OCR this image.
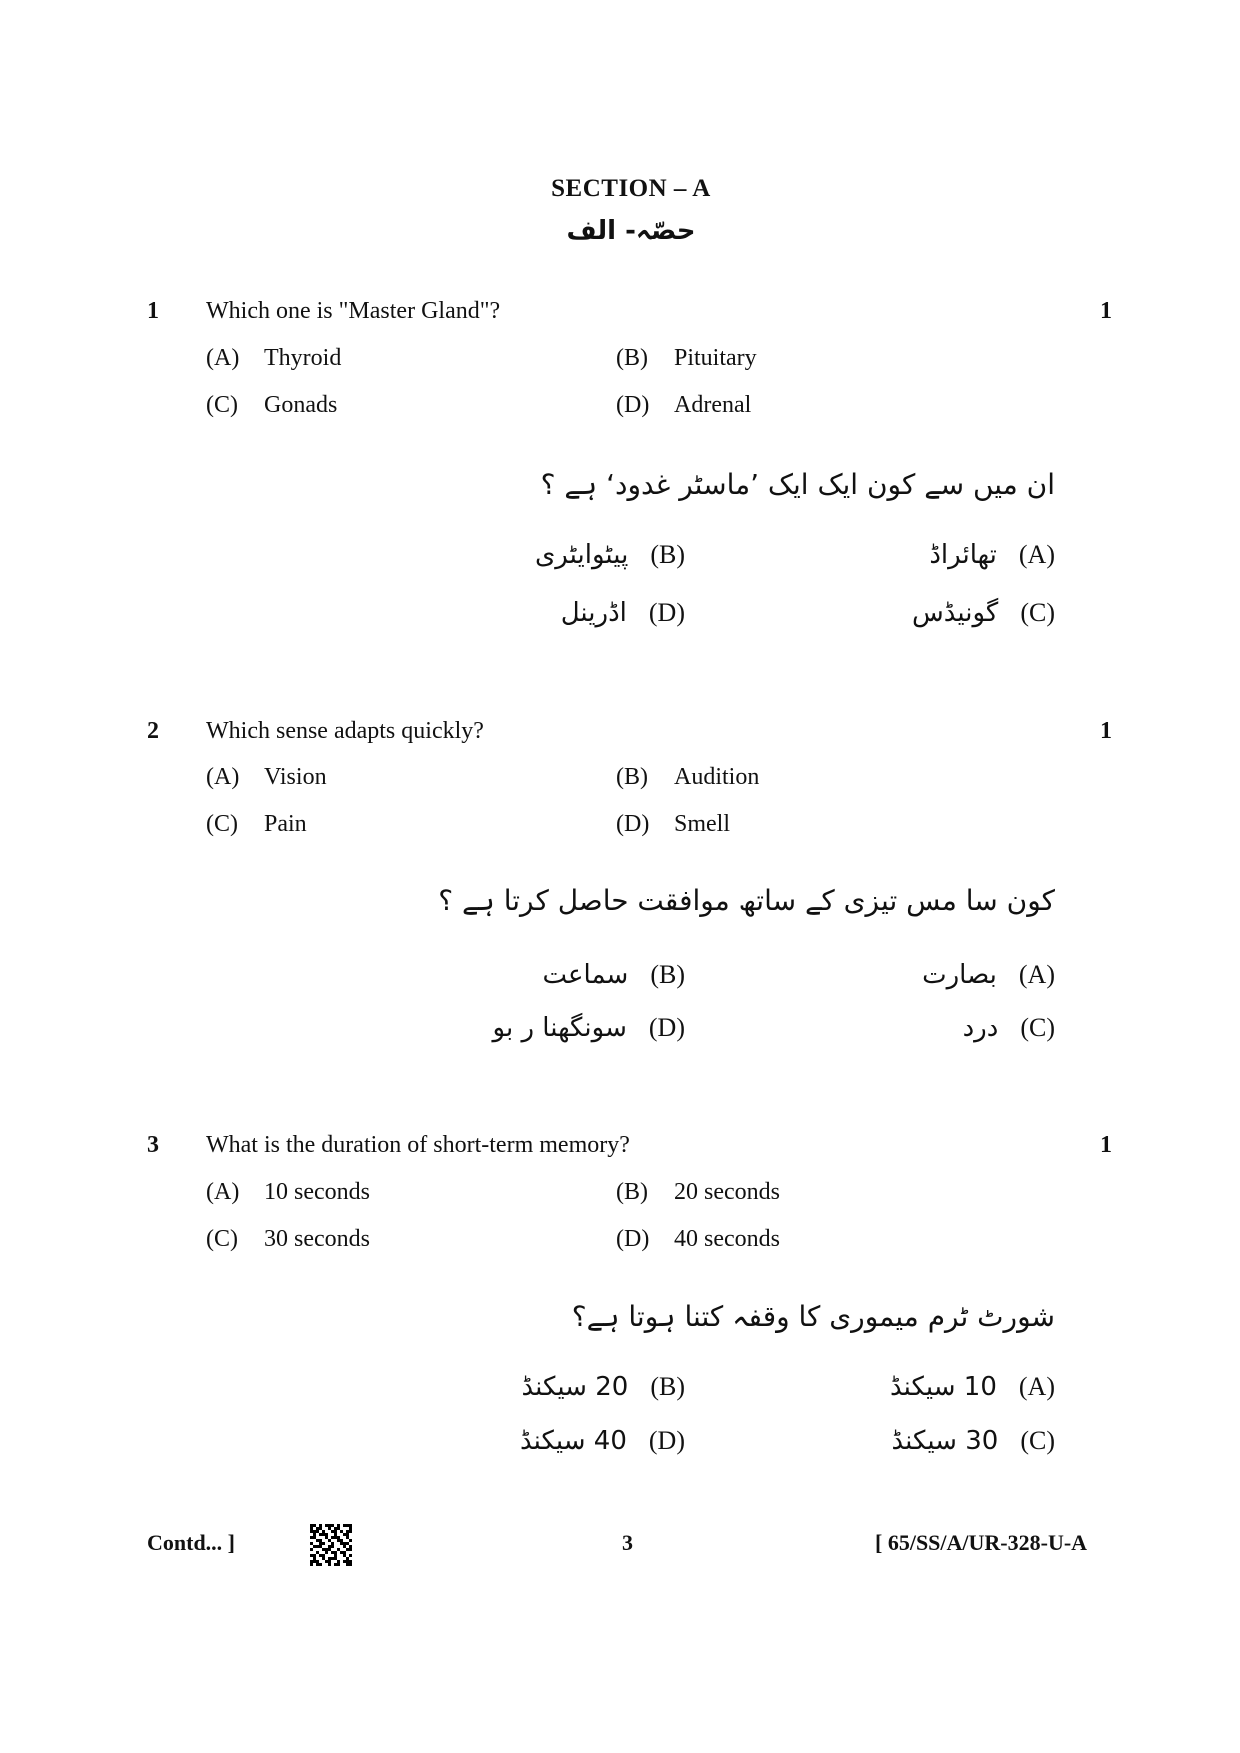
SECTION – A
حصّہ- الف
1 Which one is "Master Gland"?	1
(A) Thyroid	(B) Pituitary
(C) Gonads	(D) Adrenal
ان میں سے کون ایک ایک ’ماسٹر غدود‘ ہے ؟
(A)تھائراڈ
(B)پیٹوایٹری
(C)گونیڈس
(D)اڈرینل
2 Which sense adapts quickly?	1
(A) Vision	(B) Audition
(C) Pain	(D) Smell
کون سا مس تیزی کے ساتھ موافقت حاصل کرتا ہے ؟
(A)بصارت
(B)سماعت
(C)درد
(D)سونگھنا ر بو
3 What is the duration of short-term memory?	1
(A) 10 seconds	(B) 20 seconds
(C) 30 seconds	(D) 40 seconds
شورٹ ٹرم میموری کا وقفہ کتنا ہوتا ہے؟
(A)10 سیکنڈ
(B)20 سیکنڈ
(C)30 سیکنڈ
(D)40 سیکنڈ
Contd... ]	3	[ 65/SS/A/UR-328-U-A
